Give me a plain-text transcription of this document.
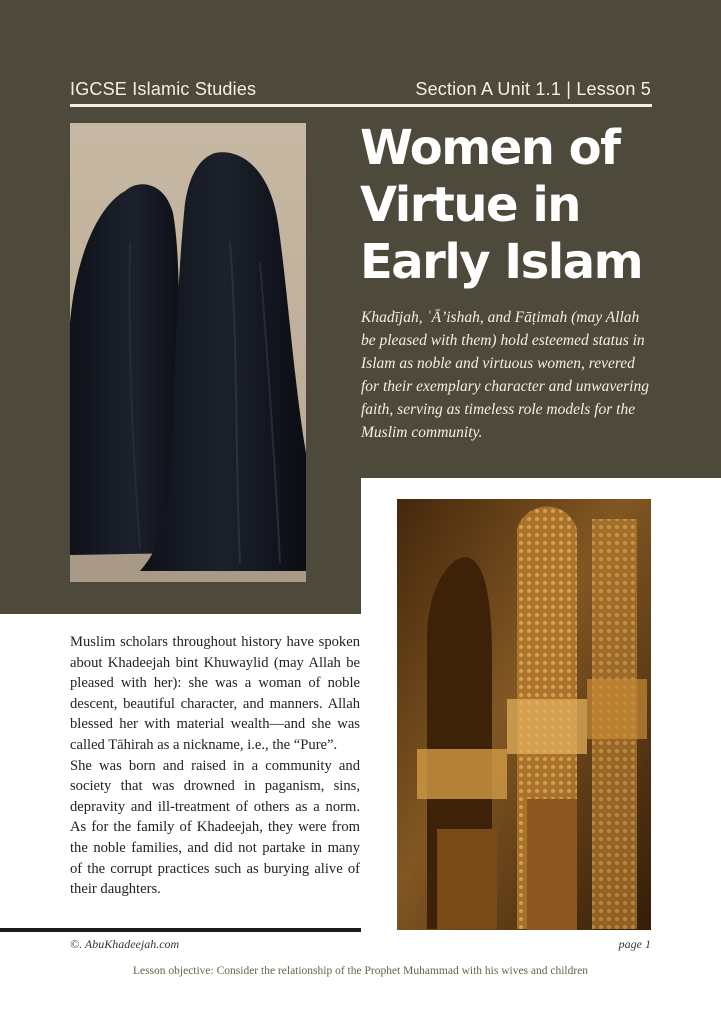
IGCSE Islamic Studies	Section A Unit 1.1 | Lesson 5
Women of
Virtue in
Early Islam

Khadījah, ʿĀ’ishah, and Fāṭimah (may Allah be pleased with them) hold esteemed status in Islam as noble and virtuous women, revered for their exemplary character and unwavering faith, serving as timeless role models for the Muslim community.

Muslim scholars throughout history have spoken about Khadeejah bint Khuwaylid (may Allah be pleased with her): she was a woman of noble descent, beautiful character, and manners. Allah blessed her with material wealth—and she was called Tāhirah as a nickname, i.e., the “Pure”.

She was born and raised in a community and society that was drowned in paganism, sins, depravity and ill-treatment of others as a norm. As for the family of Khadeejah, they were from the noble families, and did not partake in many of the corrupt practices such as burying alive of their daughters.

©. AbuKhadeejah.com	page 1
Lesson objective: Consider the relationship of the Prophet Muhammad with his wives and children
